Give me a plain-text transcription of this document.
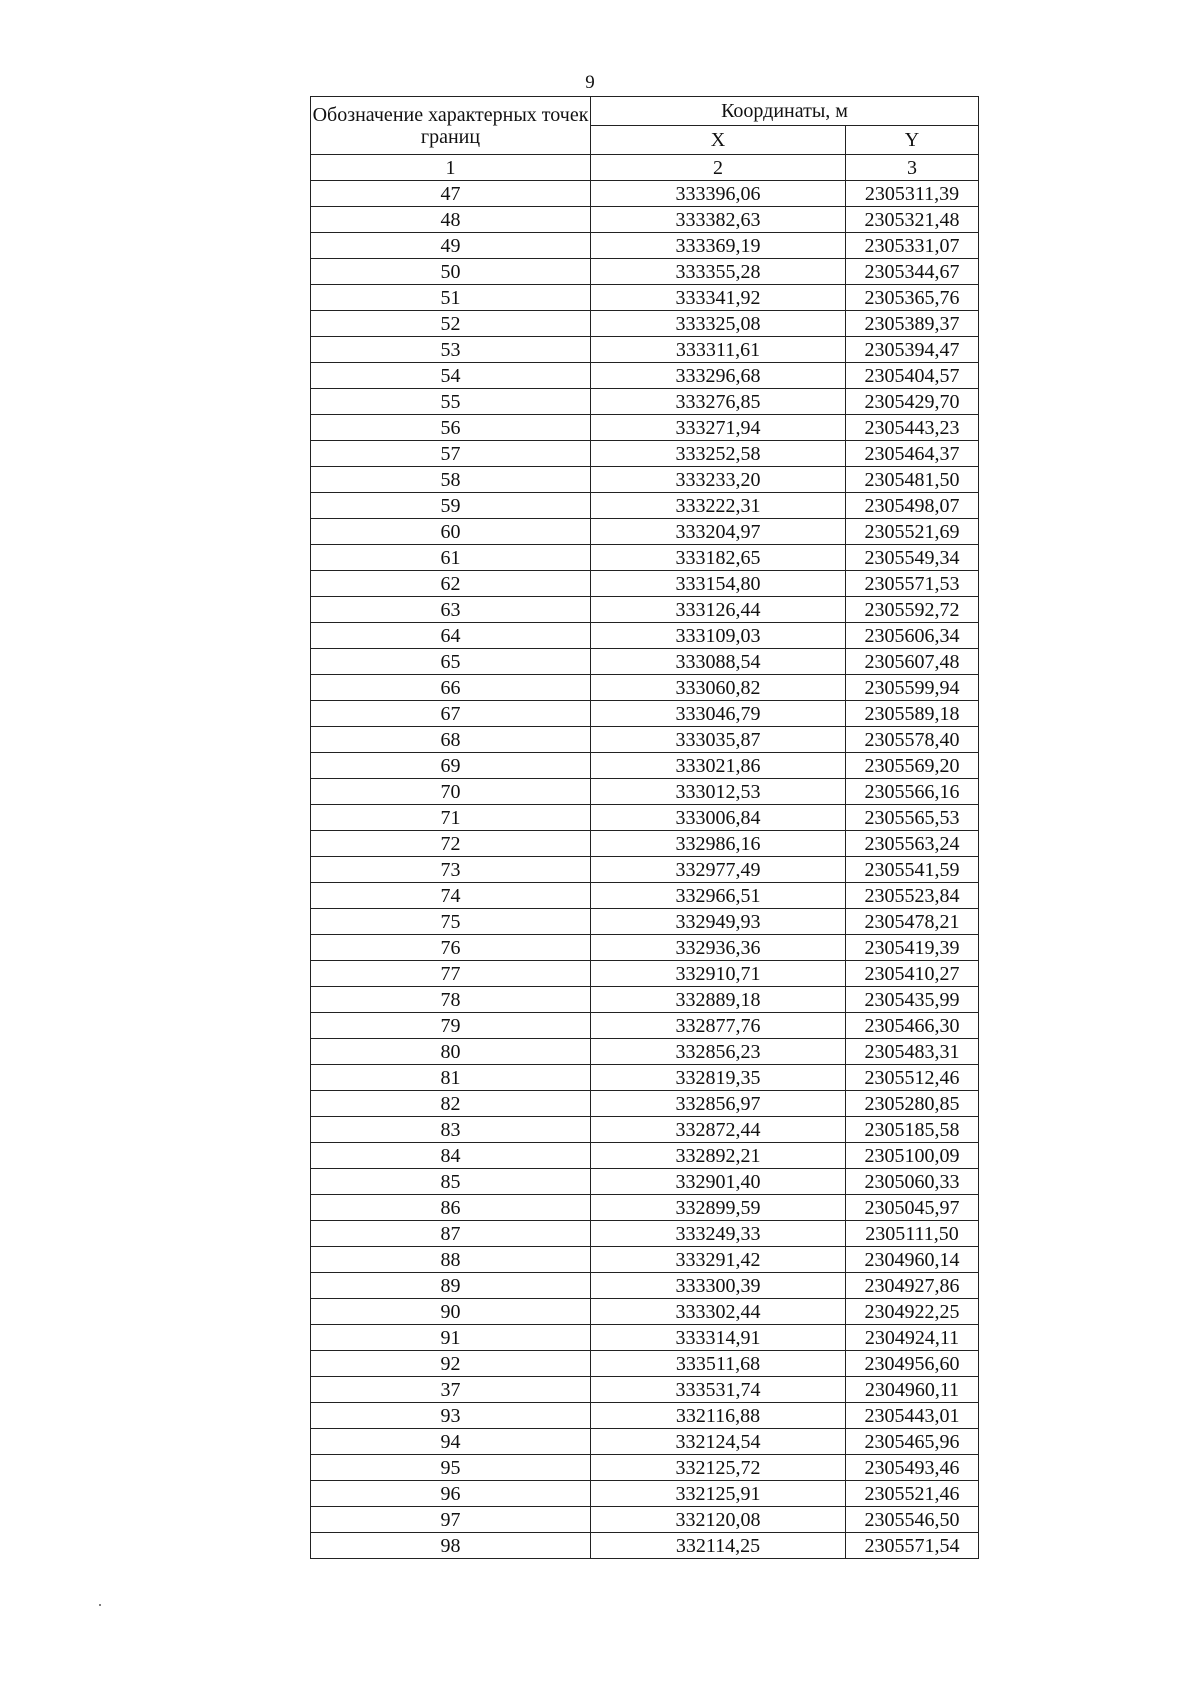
9
Обозначение характерных точек границ	Координаты, м	
	X	Y
1	2	3
47	333396,06	2305311,39
48	333382,63	2305321,48
49	333369,19	2305331,07
50	333355,28	2305344,67
51	333341,92	2305365,76
52	333325,08	2305389,37
53	333311,61	2305394,47
54	333296,68	2305404,57
55	333276,85	2305429,70
56	333271,94	2305443,23
57	333252,58	2305464,37
58	333233,20	2305481,50
59	333222,31	2305498,07
60	333204,97	2305521,69
61	333182,65	2305549,34
62	333154,80	2305571,53
63	333126,44	2305592,72
64	333109,03	2305606,34
65	333088,54	2305607,48
66	333060,82	2305599,94
67	333046,79	2305589,18
68	333035,87	2305578,40
69	333021,86	2305569,20
70	333012,53	2305566,16
71	333006,84	2305565,53
72	332986,16	2305563,24
73	332977,49	2305541,59
74	332966,51	2305523,84
75	332949,93	2305478,21
76	332936,36	2305419,39
77	332910,71	2305410,27
78	332889,18	2305435,99
79	332877,76	2305466,30
80	332856,23	2305483,31
81	332819,35	2305512,46
82	332856,97	2305280,85
83	332872,44	2305185,58
84	332892,21	2305100,09
85	332901,40	2305060,33
86	332899,59	2305045,97
87	333249,33	2305111,50
88	333291,42	2304960,14
89	333300,39	2304927,86
90	333302,44	2304922,25
91	333314,91	2304924,11
92	333511,68	2304956,60
37	333531,74	2304960,11
93	332116,88	2305443,01
94	332124,54	2305465,96
95	332125,72	2305493,46
96	332125,91	2305521,46
97	332120,08	2305546,50
98	332114,25	2305571,54
